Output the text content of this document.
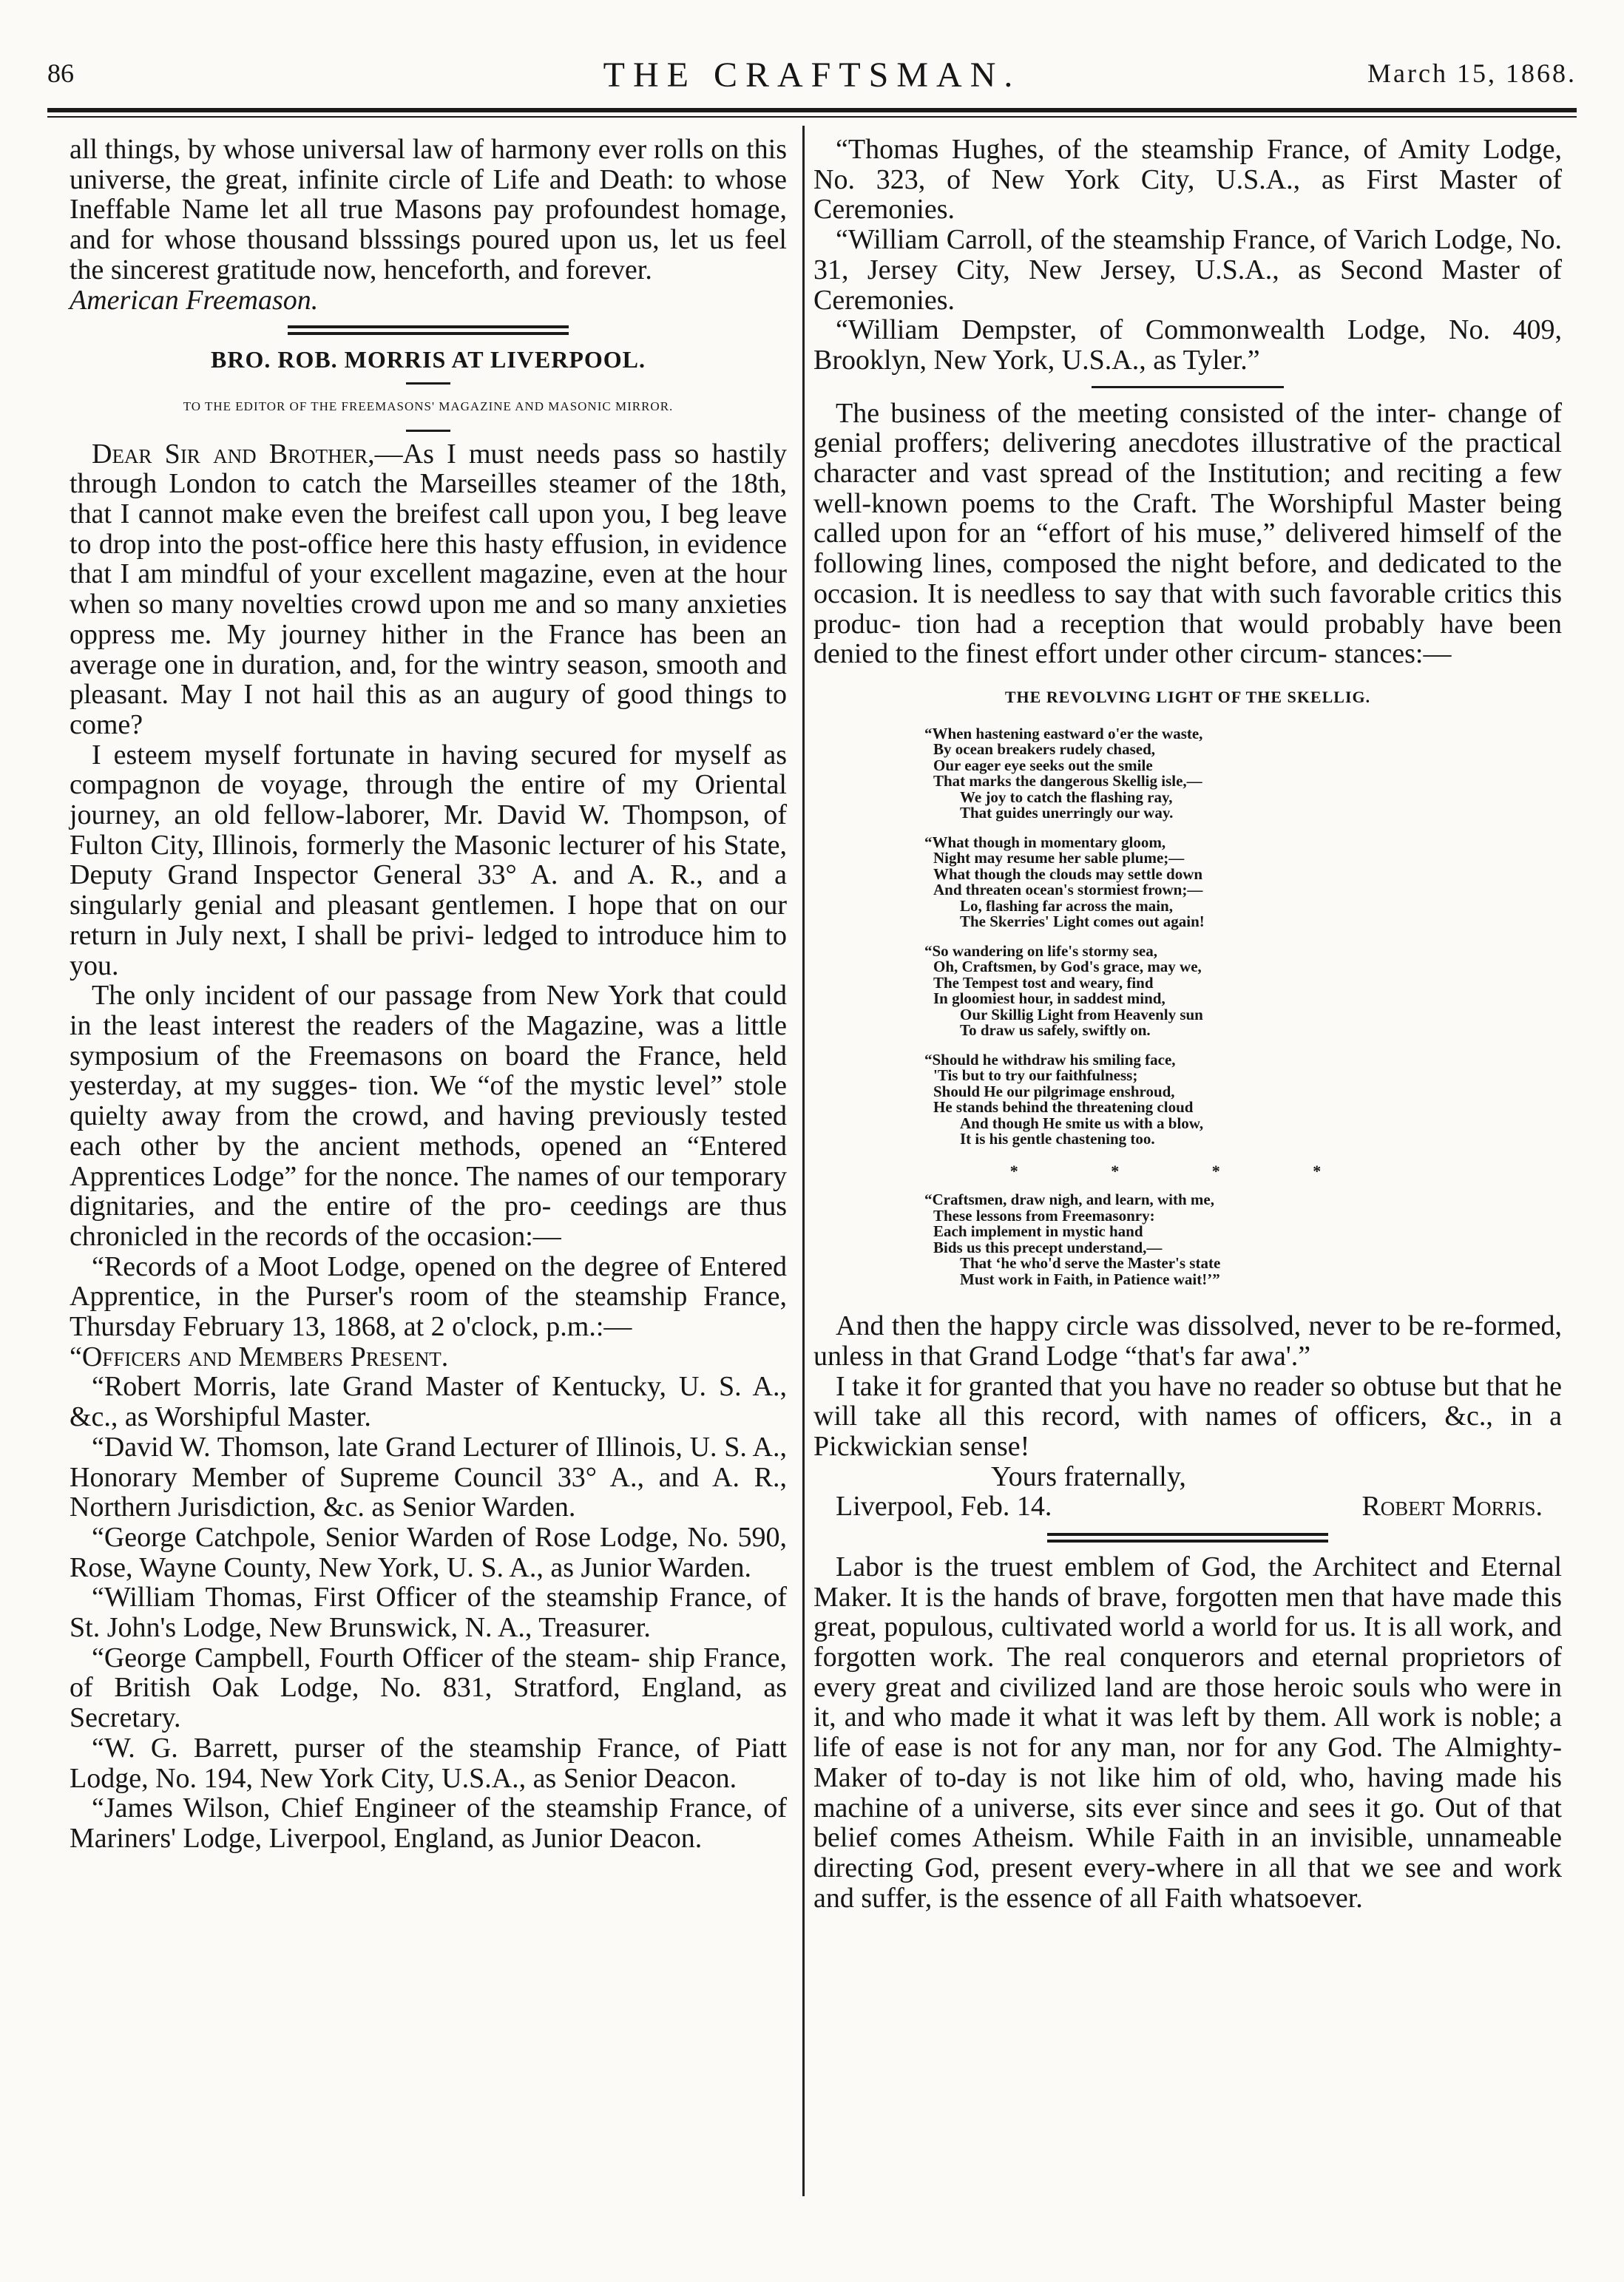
86	THE CRAFTSMAN.	March 15, 1868.

all things, by whose universal law of harmony ever rolls on this universe, the great, infinite circle of Life and Death: to whose Ineffable Name let all true Masons pay profoundest homage, and for whose thousand blsssings poured upon us, let us feel the sincerest gratitude now, henceforth, and forever.

American Freemason.

BRO. ROB. MORRIS AT LIVERPOOL.
TO THE EDITOR OF THE FREEMASONS' MAGAZINE AND MASONIC MIRROR.

Dear Sir and Brother,—As I must needs pass so hastily through London to catch the Marseilles steamer of the 18th, that I cannot make even the breifest call upon you, I beg leave to drop into the post-office here this hasty effusion, in evidence that I am mindful of your excellent magazine, even at the hour when so many novelties crowd upon me and so many anxieties oppress me. My journey hither in the France has been an average one in duration, and, for the wintry season, smooth and pleasant. May I not hail this as an augury of good things to come?

I esteem myself fortunate in having secured for myself as compagnon de voyage, through the entire of my Oriental journey, an old fellow-laborer, Mr. David W. Thompson, of Fulton City, Illinois, formerly the Masonic lecturer of his State, Deputy Grand Inspector General 33° A. and A. R., and a singularly genial and pleasant gentlemen. I hope that on our return in July next, I shall be privi- ledged to introduce him to you.

The only incident of our passage from New York that could in the least interest the readers of the Magazine, was a little symposium of the Freemasons on board the France, held yesterday, at my sugges- tion. We “of the mystic level” stole quielty away from the crowd, and having previously tested each other by the ancient methods, opened an “Entered Apprentices Lodge” for the nonce. The names of our temporary dignitaries, and the entire of the pro- ceedings are thus chronicled in the records of the occasion:—

“Records of a Moot Lodge, opened on the degree of Entered Apprentice, in the Purser's room of the steamship France, Thursday February 13, 1868, at 2 o'clock, p.m.:—

“Officers and Members Present.

“Robert Morris, late Grand Master of Kentucky, U. S. A., &c., as Worshipful Master.

“David W. Thomson, late Grand Lecturer of Illinois, U. S. A., Honorary Member of Supreme Council 33° A., and A. R., Northern Jurisdiction, &c. as Senior Warden.

“George Catchpole, Senior Warden of Rose Lodge, No. 590, Rose, Wayne County, New York, U. S. A., as Junior Warden.

“William Thomas, First Officer of the steamship France, of St. John's Lodge, New Brunswick, N. A., Treasurer.

“George Campbell, Fourth Officer of the steam- ship France, of British Oak Lodge, No. 831, Stratford, England, as Secretary.

“W. G. Barrett, purser of the steamship France, of Piatt Lodge, No. 194, New York City, U.S.A., as Senior Deacon.

“James Wilson, Chief Engineer of the steamship France, of Mariners' Lodge, Liverpool, England, as Junior Deacon.

“Thomas Hughes, of the steamship France, of Amity Lodge, No. 323, of New York City, U.S.A., as First Master of Ceremonies.

“William Carroll, of the steamship France, of Varich Lodge, No. 31, Jersey City, New Jersey, U.S.A., as Second Master of Ceremonies.

“William Dempster, of Commonwealth Lodge, No. 409, Brooklyn, New York, U.S.A., as Tyler.”

The business of the meeting consisted of the inter- change of genial proffers; delivering anecdotes illustrative of the practical character and vast spread of the Institution; and reciting a few well-known poems to the Craft. The Worshipful Master being called upon for an “effort of his muse,” delivered himself of the following lines, composed the night before, and dedicated to the occasion. It is needless to say that with such favorable critics this produc- tion had a reception that would probably have been denied to the finest effort under other circum- stances:—

THE REVOLVING LIGHT OF THE SKELLIG.
“When hastening eastward o'er the waste,
By ocean breakers rudely chased,
Our eager eye seeks out the smile
That marks the dangerous Skellig isle,—
We joy to catch the flashing ray,
That guides unerringly our way.
“What though in momentary gloom,
Night may resume her sable plume;—
What though the clouds may settle down
And threaten ocean's stormiest frown;—
Lo, flashing far across the main,
The Skerries' Light comes out again!
“So wandering on life's stormy sea,
Oh, Craftsmen, by God's grace, may we,
The Tempest tost and weary, find
In gloomiest hour, in saddest mind,
Our Skillig Light from Heavenly sun
To draw us safely, swiftly on.
“Should he withdraw his smiling face,
'Tis but to try our faithfulness;
Should He our pilgrimage enshroud,
He stands behind the threatening cloud
And though He smite us with a blow,
It is his gentle chastening too.
* * * *
“Craftsmen, draw nigh, and learn, with me,
These lessons from Freemasonry:
Each implement in mystic hand
Bids us this precept understand,—
That ‘he who'd serve the Master's state
Must work in Faith, in Patience wait!’”

And then the happy circle was dissolved, never to be re-formed, unless in that Grand Lodge “that's far awa'.”

I take it for granted that you have no reader so obtuse but that he will take all this record, with names of officers, &c., in a Pickwickian sense!

Yours fraternally,
Liverpool, Feb. 14.	Robert Morris.

Labor is the truest emblem of God, the Architect and Eternal Maker. It is the hands of brave, forgotten men that have made this great, populous, cultivated world a world for us. It is all work, and forgotten work. The real conquerors and eternal proprietors of every great and civilized land are those heroic souls who were in it, and who made it what it was left by them. All work is noble; a life of ease is not for any man, nor for any God. The Almighty-Maker of to-day is not like him of old, who, having made his machine of a universe, sits ever since and sees it go. Out of that belief comes Atheism. While Faith in an invisible, unnameable directing God, present every-where in all that we see and work and suffer, is the essence of all Faith whatsoever.
